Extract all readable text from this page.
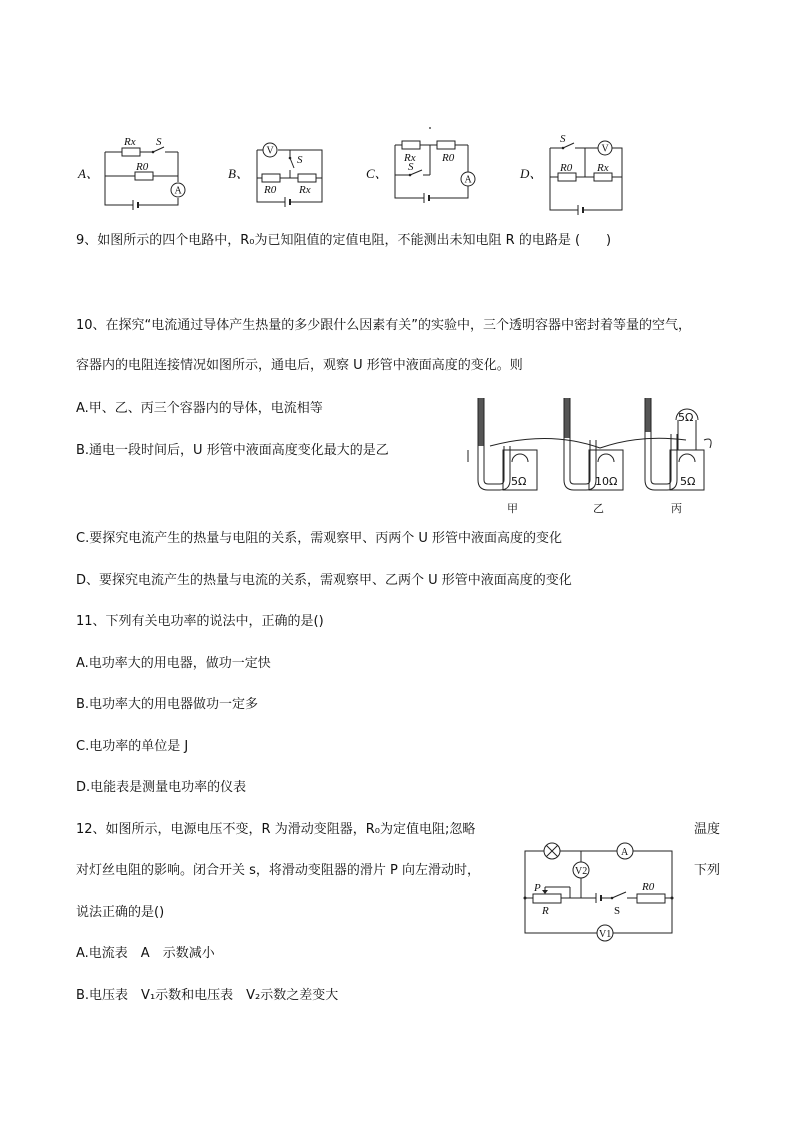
A、
A
Rx S
R0	B、
V
S
R0 Rx
C、	A
Rx R0
S	D、
V
S
R0 Rx
9、如图所示的四个电路中，R₀为已知阻值的定值电阻，不能测出未知电阻 R 的电路是 (　　)
10、在探究“电流通过导体产生热量的多少跟什么因素有关”的实验中，三个透明容器中密封着等量的空气，
容器内的电阻连接情况如图所示，通电后，观察 U 形管中液面高度的变化。则
A.甲、乙、丙三个容器内的导体，电流相等
B.通电一段时间后，U 形管中液面高度变化最大的是乙
5Ω
甲
10Ω
乙
5Ω
5Ω
丙
C.要探究电流产生的热量与电阻的关系，需观察甲、丙两个 U 形管中液面高度的变化
D、要探究电流产生的热量与电流的关系，需观察甲、乙两个 U 形管中液面高度的变化
11、下列有关电功率的说法中，正确的是()
A.电功率大的用电器，做功一定快
B.电功率大的用电器做功一定多
C.电功率的单位是 J
D.电能表是测量电功率的仪表
12、如图所示，电源电压不变，R 为滑动变阻器，R₀为定值电阻;忽略	温度
对灯丝电阻的影响。闭合开关 s，将滑动变阻器的滑片 P 向左滑动时，	下列
说法正确的是()
A
V2
P
R	S
R0
V1
A.电流表　A　示数减小
B.电压表　V₁示数和电压表　V₂示数之差变大
